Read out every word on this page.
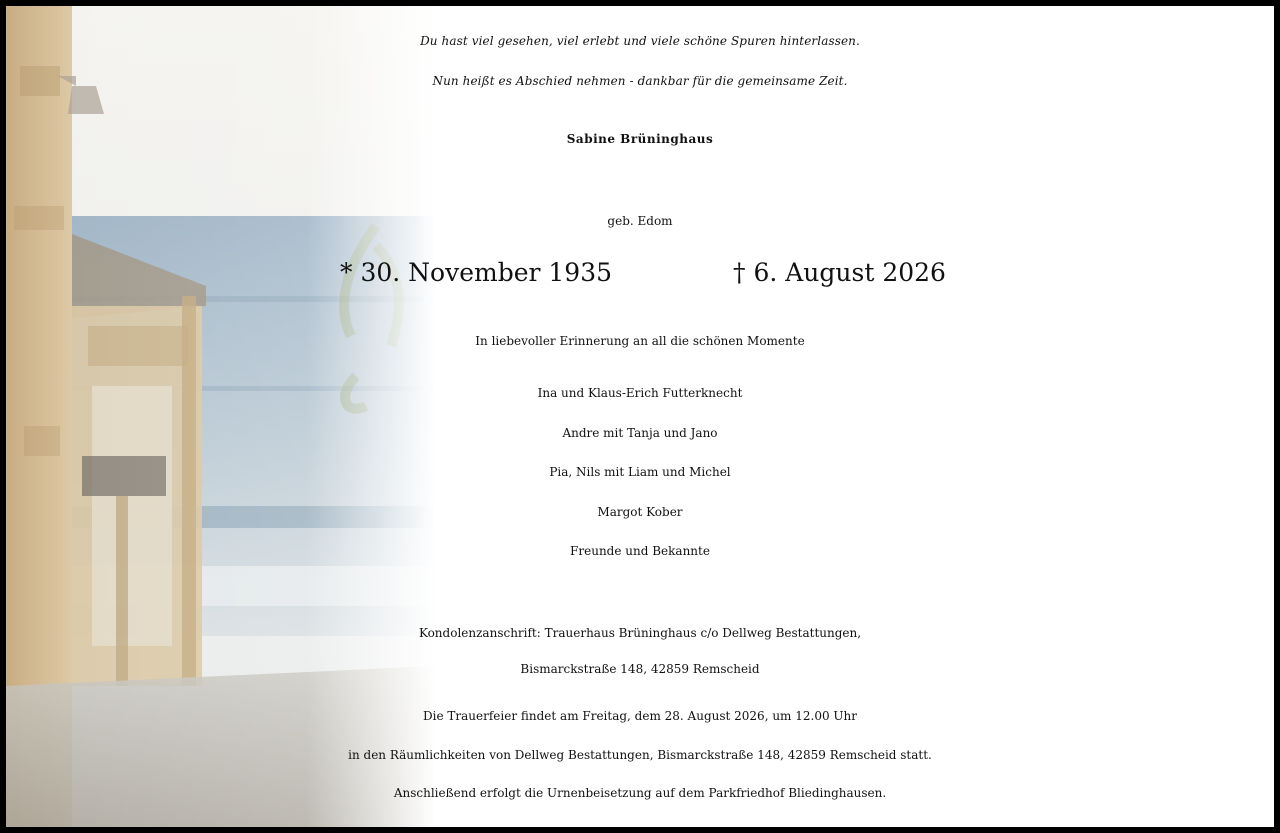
Du hast viel gesehen, viel erlebt und viele schöne Spuren hinterlassen.
Nun heißt es Abschied nehmen - dankbar für die gemeinsame Zeit.
Sabine Brüninghaus
geb. Edom
* 30. November 1935	† 6. August 2026
In liebevoller Erinnerung an all die schönen Momente
Ina und Klaus-Erich Futterknecht
Andre mit Tanja und Jano
Pia, Nils mit Liam und Michel
Margot Kober
Freunde und Bekannte
Kondolenzanschrift: Trauerhaus Brüninghaus c/o Dellweg Bestattungen,
Bismarckstraße 148, 42859 Remscheid
Die Trauerfeier findet am Freitag, dem 28. August 2026, um 12.00 Uhr
in den Räumlichkeiten von Dellweg Bestattungen, Bismarckstraße 148, 42859 Remscheid statt.
Anschließend erfolgt die Urnenbeisetzung auf dem Parkfriedhof Bliedinghausen.
